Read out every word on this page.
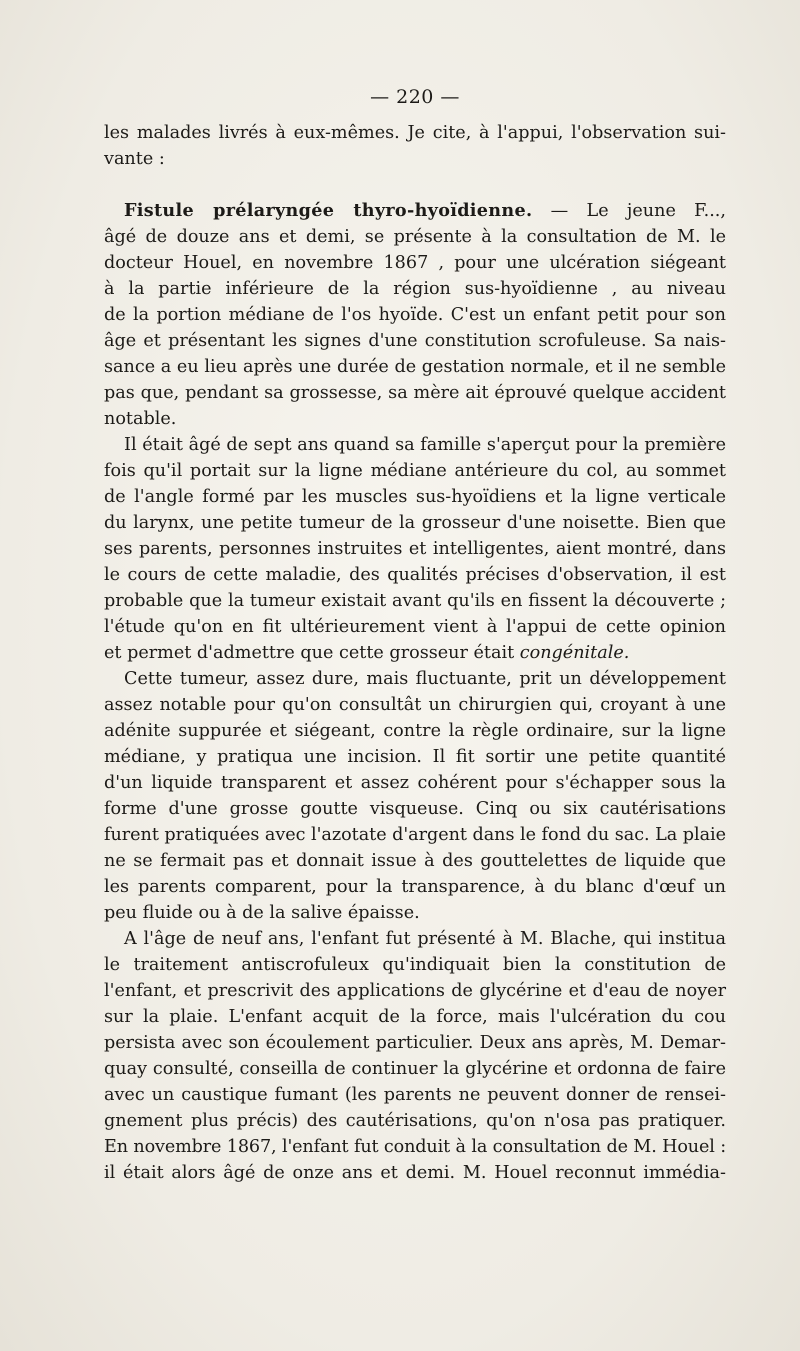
— 220 —
les malades livrés à eux-mêmes. Je cite, à l'appui, l'observation sui-
vante :
Fistule prélaryngée thyro-hyoïdienne. — Le jeune F...,
âgé de douze ans et demi, se présente à la consultation de M. le
docteur Houel, en novembre 1867 , pour une ulcération siégeant
à la partie inférieure de la région sus-hyoïdienne , au niveau
de la portion médiane de l'os hyoïde. C'est un enfant petit pour son
âge et présentant les signes d'une constitution scrofuleuse. Sa nais-
sance a eu lieu après une durée de gestation normale, et il ne semble
pas que, pendant sa grossesse, sa mère ait éprouvé quelque accident
notable.
Il était âgé de sept ans quand sa famille s'aperçut pour la première
fois qu'il portait sur la ligne médiane antérieure du col, au sommet
de l'angle formé par les muscles sus-hyoïdiens et la ligne verticale
du larynx, une petite tumeur de la grosseur d'une noisette. Bien que
ses parents, personnes instruites et intelligentes, aient montré, dans
le cours de cette maladie, des qualités précises d'observation, il est
probable que la tumeur existait avant qu'ils en fissent la découverte ;
l'étude qu'on en fit ultérieurement vient à l'appui de cette opinion
et permet d'admettre que cette grosseur était congénitale.
Cette tumeur, assez dure, mais fluctuante, prit un développement
assez notable pour qu'on consultât un chirurgien qui, croyant à une
adénite suppurée et siégeant, contre la règle ordinaire, sur la ligne
médiane, y pratiqua une incision. Il fit sortir une petite quantité
d'un liquide transparent et assez cohérent pour s'échapper sous la
forme d'une grosse goutte visqueuse. Cinq ou six cautérisations
furent pratiquées avec l'azotate d'argent dans le fond du sac. La plaie
ne se fermait pas et donnait issue à des gouttelettes de liquide que
les parents comparent, pour la transparence, à du blanc d'œuf un
peu fluide ou à de la salive épaisse.
A l'âge de neuf ans, l'enfant fut présenté à M. Blache, qui institua
le traitement antiscrofuleux qu'indiquait bien la constitution de
l'enfant, et prescrivit des applications de glycérine et d'eau de noyer
sur la plaie. L'enfant acquit de la force, mais l'ulcération du cou
persista avec son écoulement particulier. Deux ans après, M. Demar-
quay consulté, conseilla de continuer la glycérine et ordonna de faire
avec un caustique fumant (les parents ne peuvent donner de rensei-
gnement plus précis) des cautérisations, qu'on n'osa pas pratiquer.
En novembre 1867, l'enfant fut conduit à la consultation de M. Houel :
il était alors âgé de onze ans et demi. M. Houel reconnut immédia-
